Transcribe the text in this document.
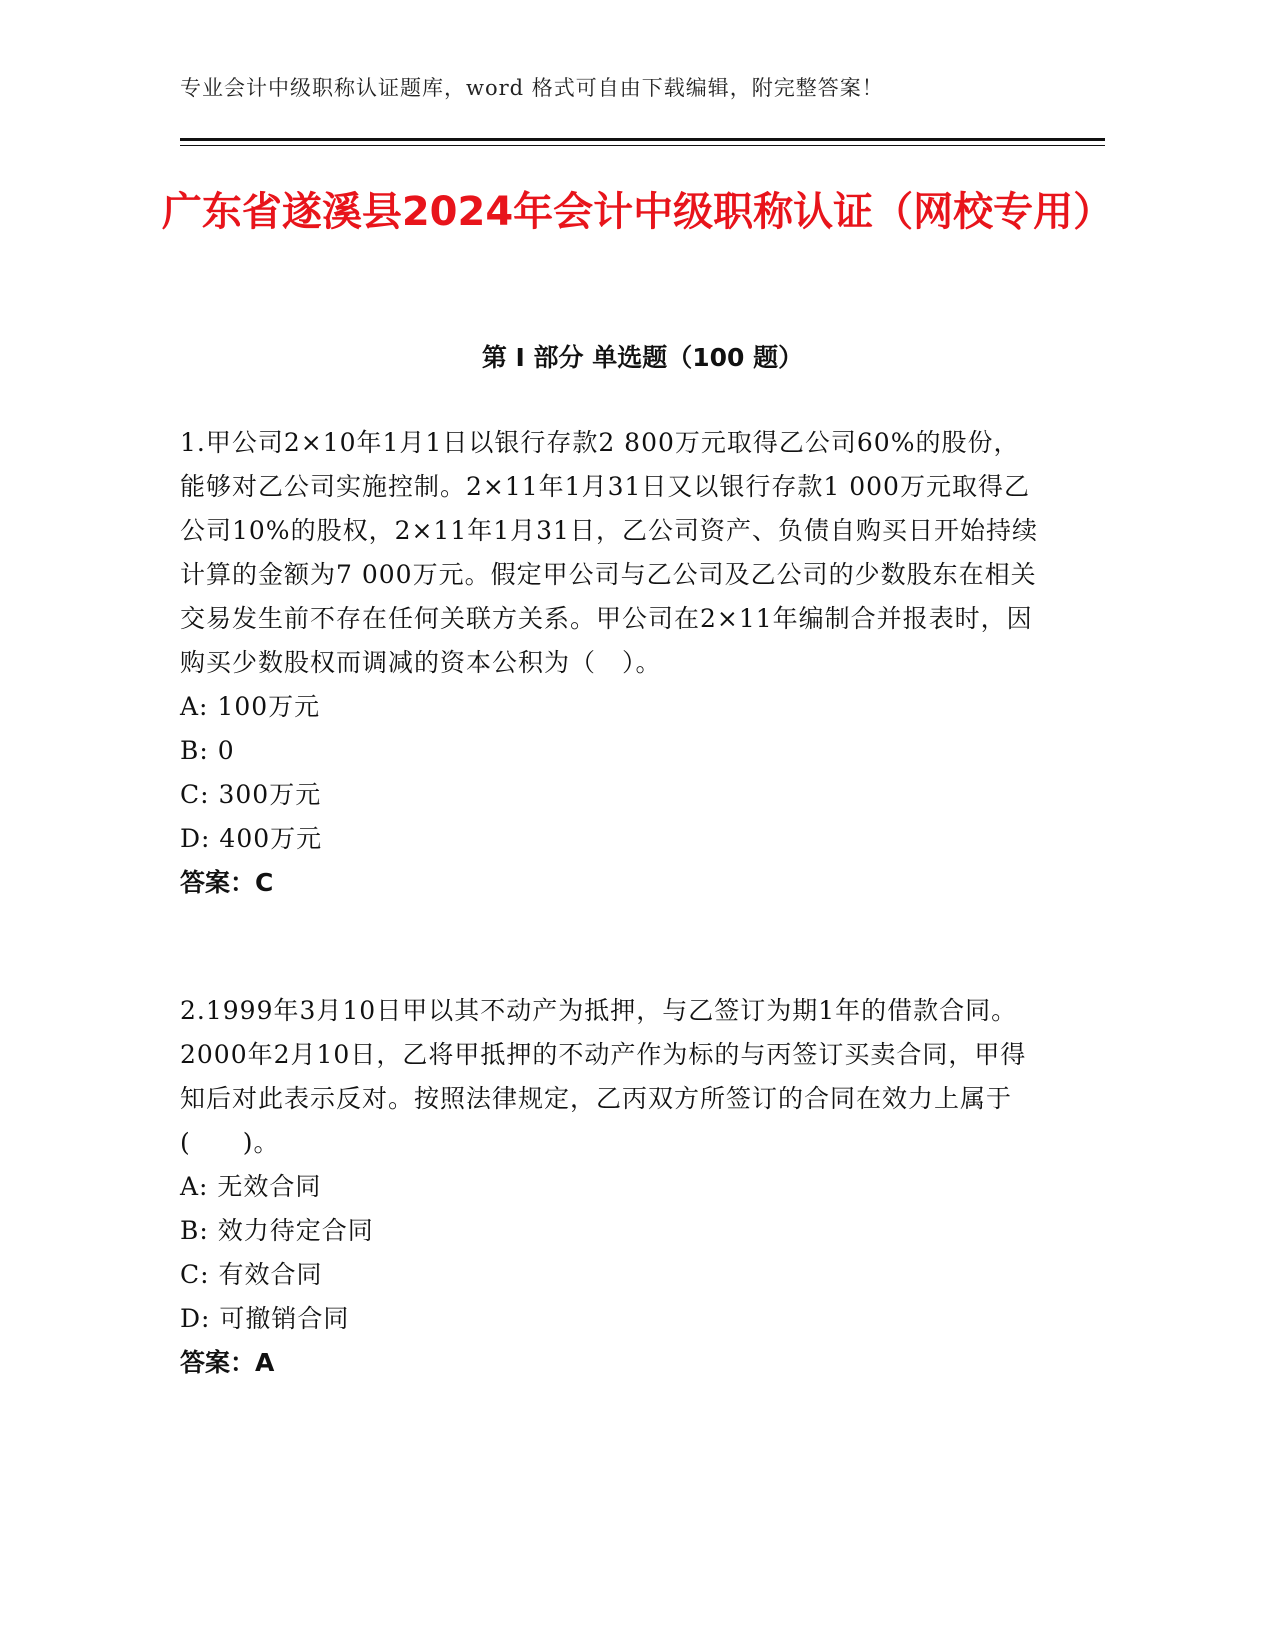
专业会计中级职称认证题库，word 格式可自由下载编辑，附完整答案！
广东省遂溪县2024年会计中级职称认证（网校专用）
第 I 部分 单选题（100 题）
1.甲公司2×10年1月1日以银行存款2 800万元取得乙公司60%的股份，能够对乙公司实施控制。2×11年1月31日又以银行存款1 000万元取得乙公司10%的股权，2×11年1月31日，乙公司资产、负债自购买日开始持续计算的金额为7 000万元。假定甲公司与乙公司及乙公司的少数股东在相关交易发生前不存在任何关联方关系。甲公司在2×11年编制合并报表时，因购买少数股权而调减的资本公积为（　）。
A: 100万元
B: 0
C: 300万元
D: 400万元
答案：C
2.1999年3月10日甲以其不动产为抵押，与乙签订为期1年的借款合同。2000年2月10日，乙将甲抵押的不动产作为标的与丙签订买卖合同，甲得知后对此表示反对。按照法律规定，乙丙双方所签订的合同在效力上属于(　　)。
A: 无效合同
B: 效力待定合同
C: 有效合同
D: 可撤销合同
答案：A
